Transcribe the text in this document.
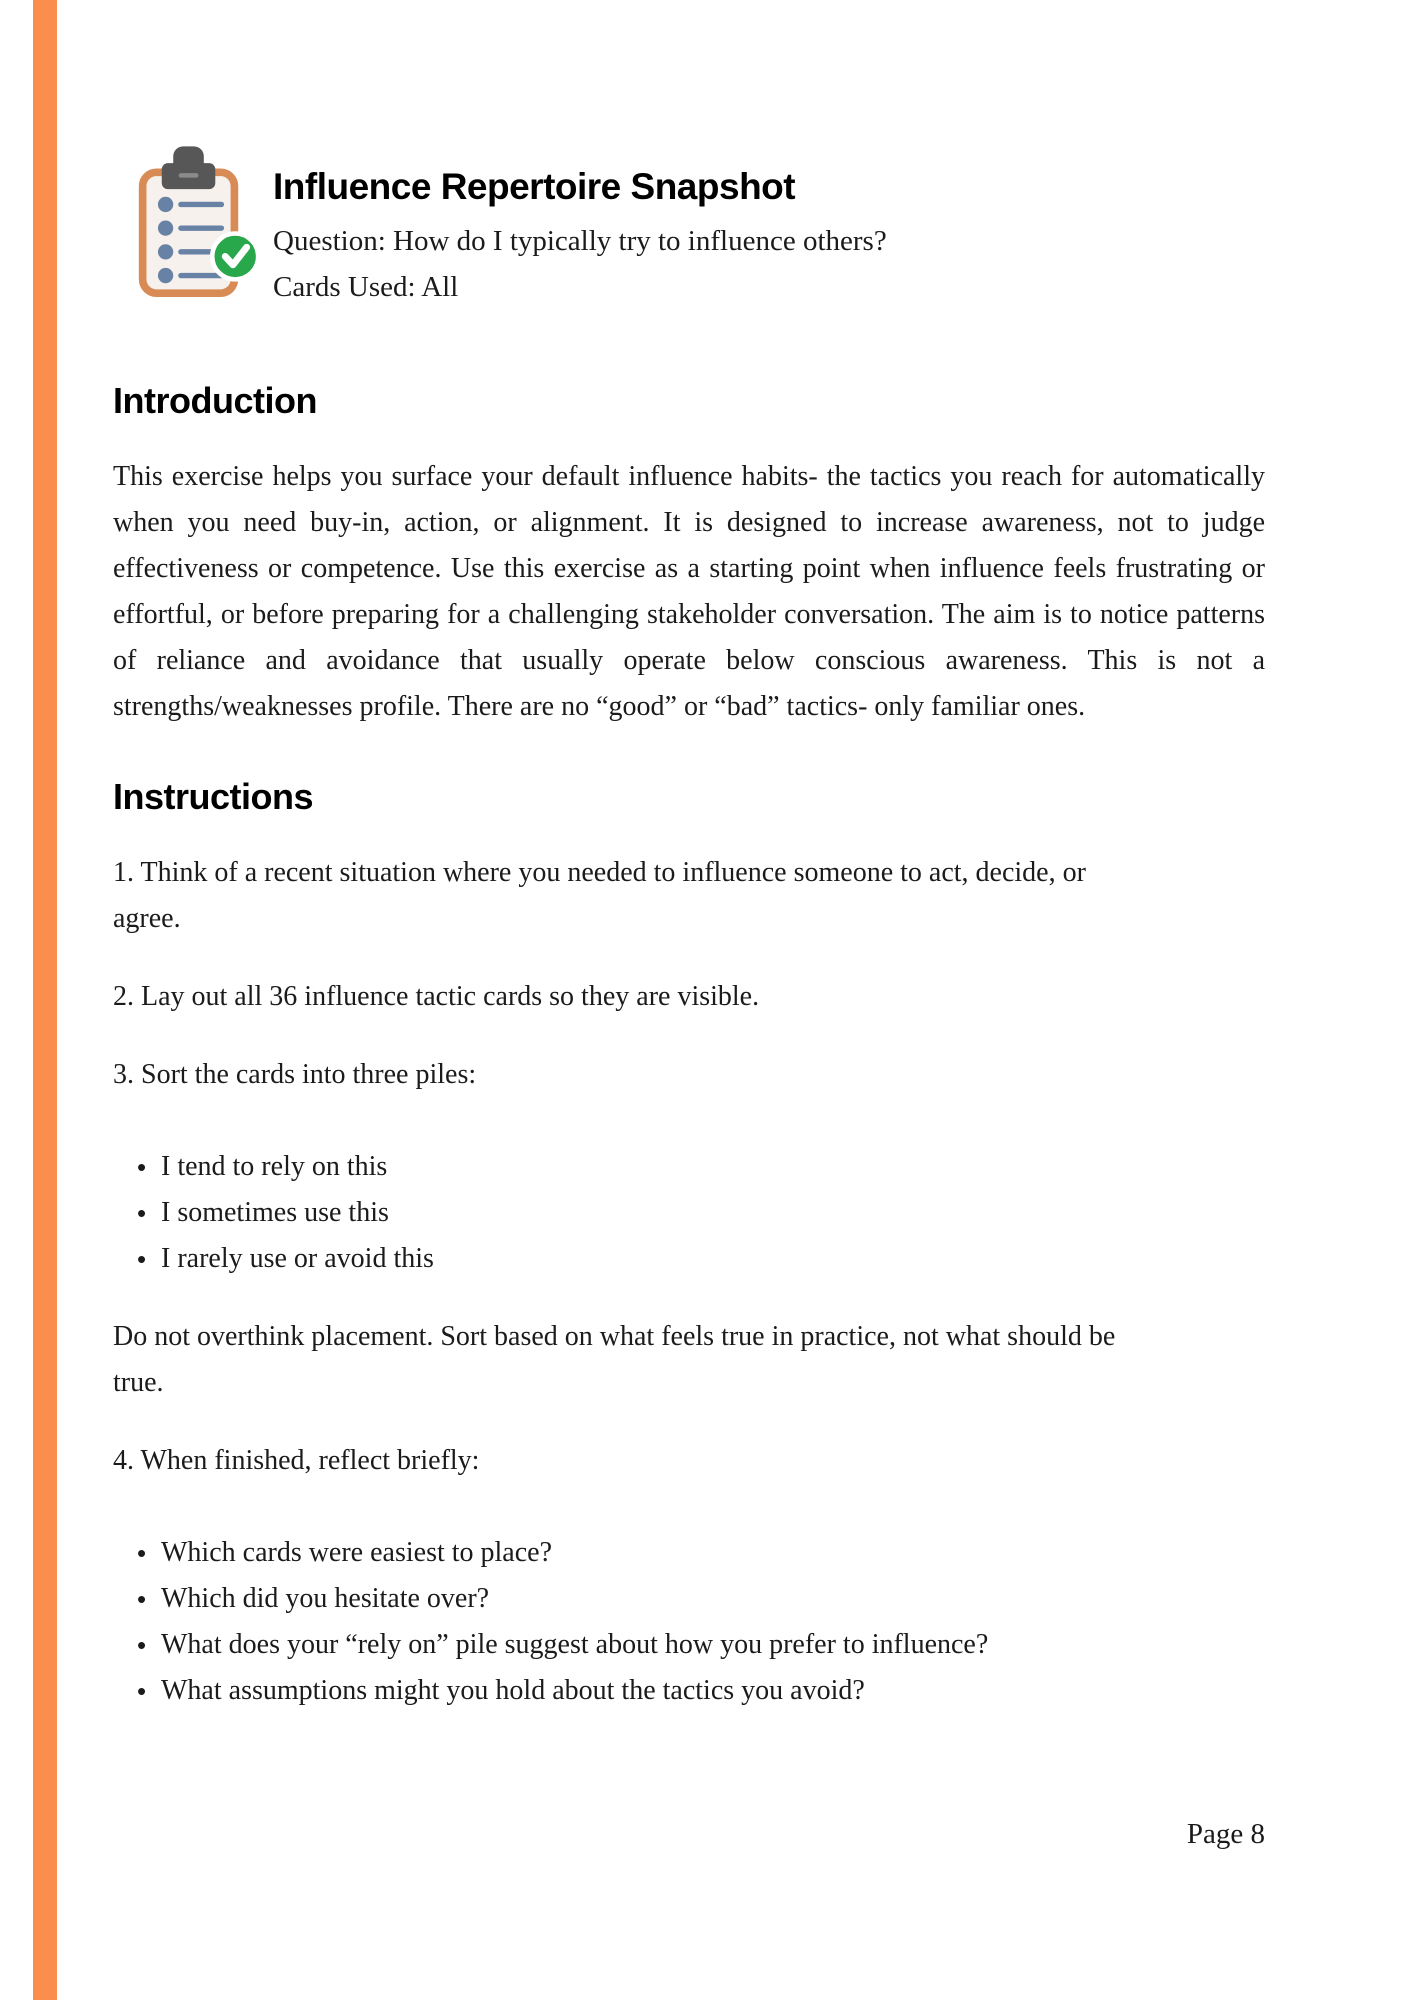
Influence Repertoire Snapshot

Question: How do I typically try to influence others?

Cards Used: All

Introduction

This exercise helps you surface your default influence habits- the tactics you reach for automatically when you need buy-in, action, or alignment. It is designed to increase awareness, not to judge effectiveness or competence. Use this exercise as a starting point when influence feels frustrating or effortful, or before preparing for a challenging stakeholder conversation. The aim is to notice patterns of reliance and avoidance that usually operate below conscious awareness. This is not a strengths/weaknesses profile. There are no “good” or “bad” tactics- only familiar ones.

Instructions

1. Think of a recent situation where you needed to influence someone to act, decide, or agree.

2. Lay out all 36 influence tactic cards so they are visible.

3. Sort the cards into three piles:

• I tend to rely on this
• I sometimes use this
• I rarely use or avoid this

Do not overthink placement. Sort based on what feels true in practice, not what should be true.

4. When finished, reflect briefly:

• Which cards were easiest to place?
• Which did you hesitate over?
• What does your “rely on” pile suggest about how you prefer to influence?
• What assumptions might you hold about the tactics you avoid?
Page 8
